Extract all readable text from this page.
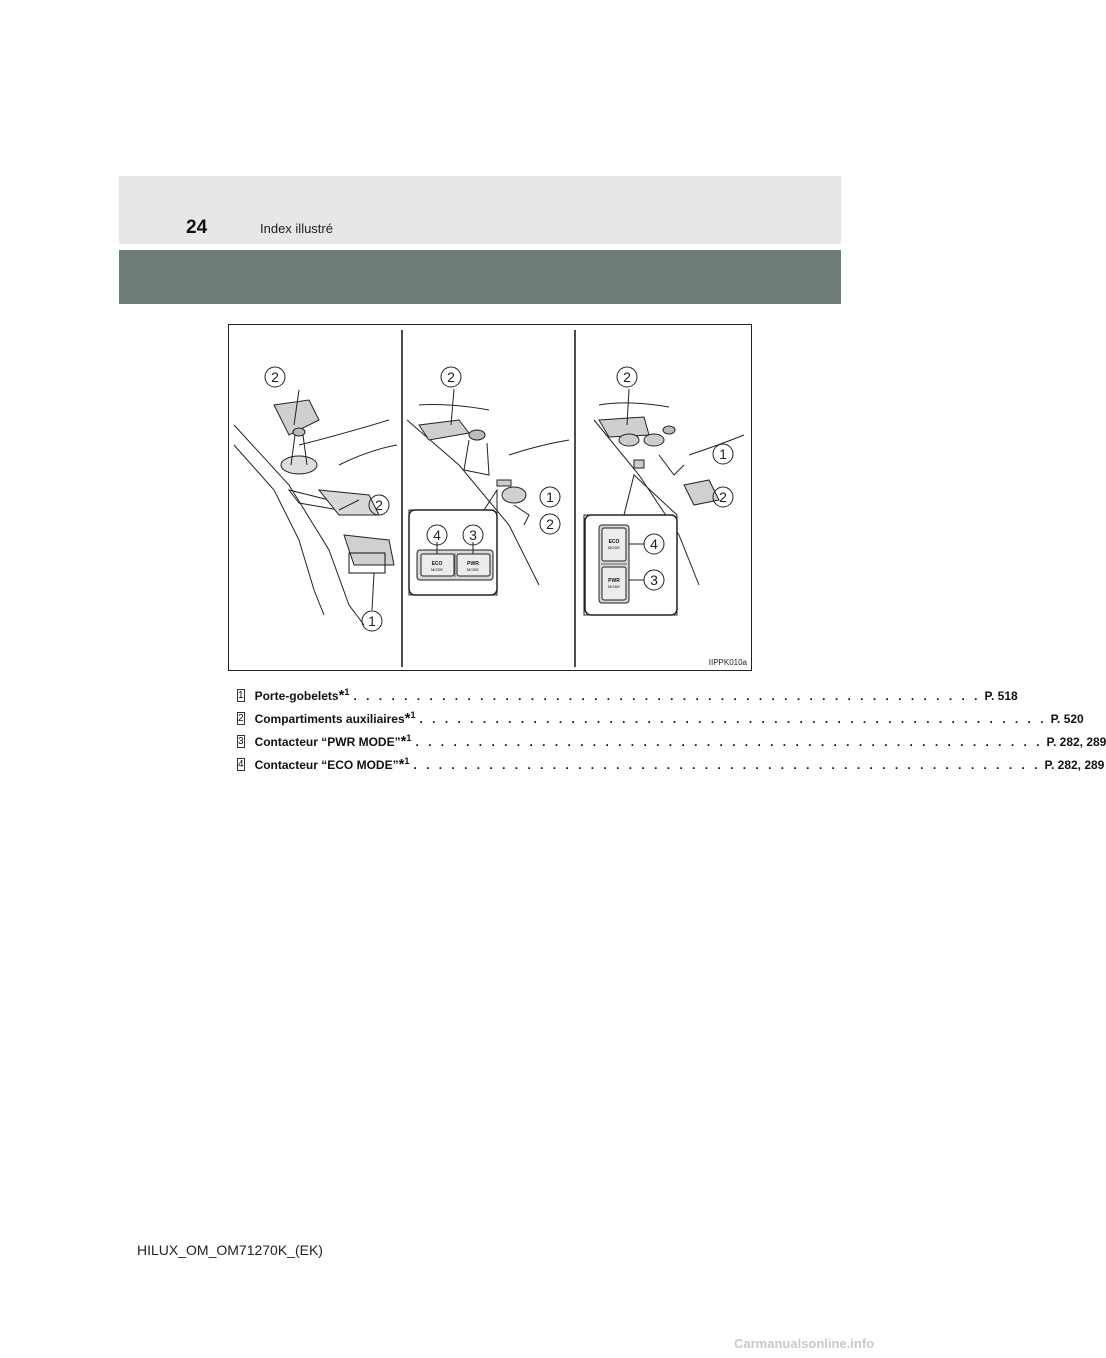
24	Index illustré
2
2
1
ECO
MODE
PWR
MODE
2
1
2
4 3	ECO
MODE
PWR
MODE
2
1
2
4
3
IIPPK010a
1 Porte-gobelets*$^1$ . . . . . . . . . . . . . . . . . . . . . . . . . . . . . . . . . . . . . . . . . . . . . . . . . . P. 518
2 Compartiments auxiliaires*$^1$ . . . . . . . . . . . . . . . . . . . . . . . . . . . . . . . . . . . . . . . . . . . . . . . . . . P. 520
3 Contacteur “PWR MODE”*$^1$ . . . . . . . . . . . . . . . . . . . . . . . . . . . . . . . . . . . . . . . . . . . . . . . . . . P. 282, 289
4 Contacteur “ECO MODE”*$^1$ . . . . . . . . . . . . . . . . . . . . . . . . . . . . . . . . . . . . . . . . . . . . . . . . . . P. 282, 289
HILUX_OM_OM71270K_(EK)
Carmanualsonline.info
